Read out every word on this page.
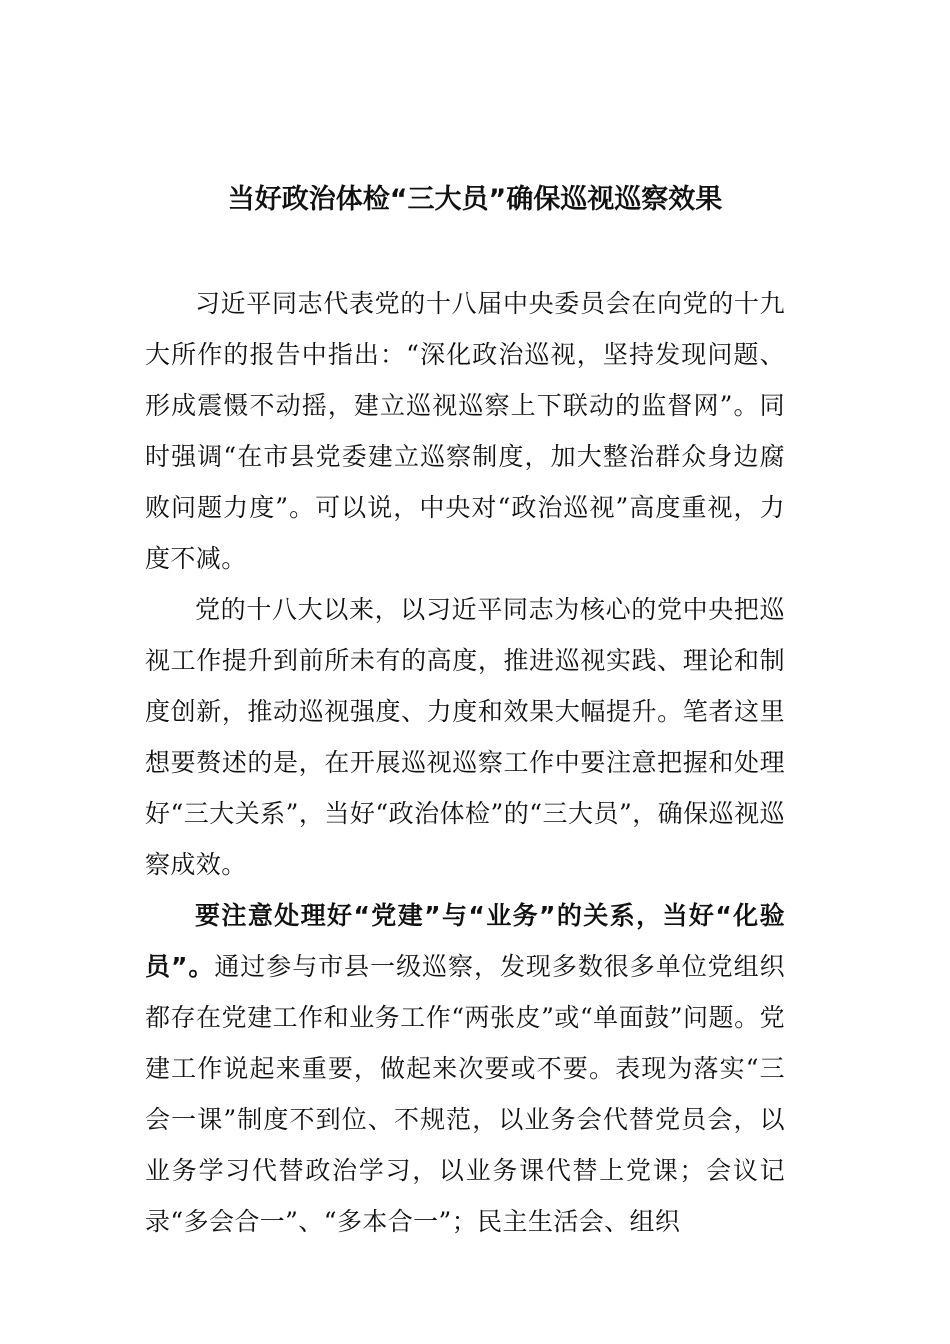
当好政治体检“三大员”确保巡视巡察效果

习近平同志代表党的十八届中央委员会在向党的十九大所作的报告中指出：“深化政治巡视，坚持发现问题、形成震慑不动摇，建立巡视巡察上下联动的监督网”。同时强调“在市县党委建立巡察制度，加大整治群众身边腐败问题力度”。可以说，中央对“政治巡视”高度重视，力度不减。

党的十八大以来，以习近平同志为核心的党中央把巡视工作提升到前所未有的高度，推进巡视实践、理论和制度创新，推动巡视强度、力度和效果大幅提升。笔者这里想要赘述的是，在开展巡视巡察工作中要注意把握和处理好“三大关系”，当好“政治体检”的“三大员”，确保巡视巡察成效。

要注意处理好“党建”与“业务”的关系，当好“化验员”。通过参与市县一级巡察，发现多数很多单位党组织都存在党建工作和业务工作“两张皮”或“单面鼓”问题。党建工作说起来重要，做起来次要或不要。表现为落实“三会一课”制度不到位、不规范，以业务会代替党员会，以业务学习代替政治学习，以业务课代替上党课；会议记录“多会合一”、“多本合一”；民主生活会、组织
